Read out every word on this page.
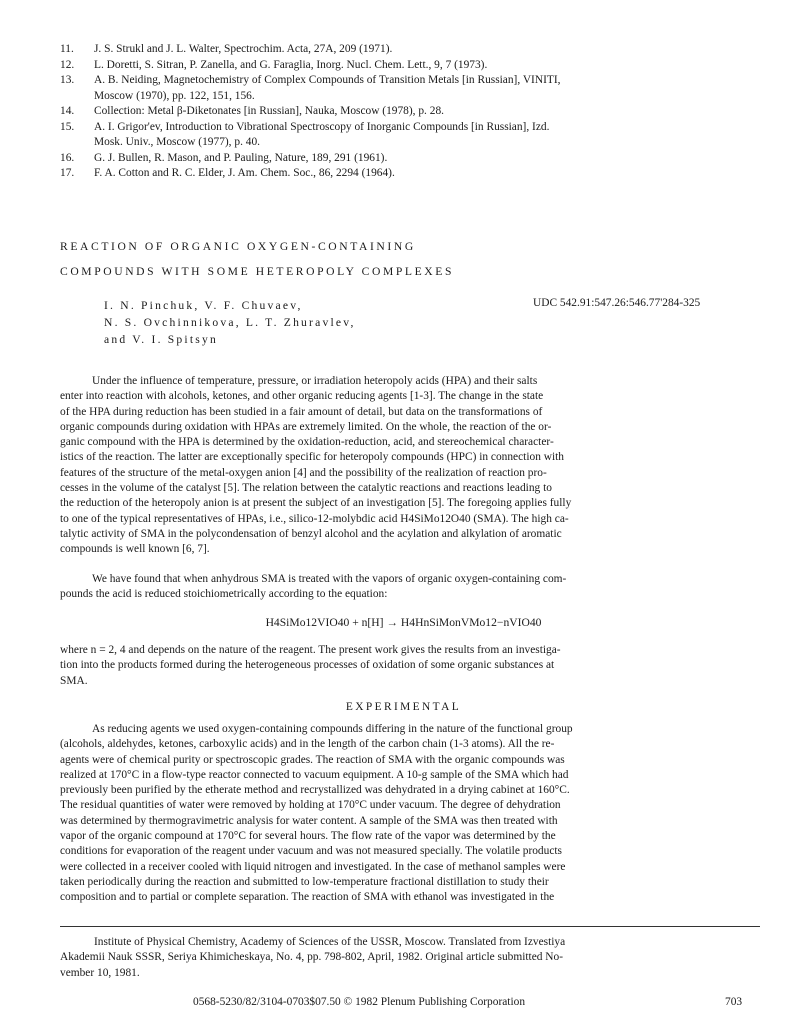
11.	J. S. Strukl and J. L. Walter, Spectrochim. Acta, 27A, 209 (1971).
12.	L. Doretti, S. Sitran, P. Zanella, and G. Faraglia, Inorg. Nucl. Chem. Lett., 9, 7 (1973).
13.	A. B. Neiding, Magnetochemistry of Complex Compounds of Transition Metals [in Russian], VINITI,
Moscow (1970), pp. 122, 151, 156.
14.	Collection: Metal β-Diketonates [in Russian], Nauka, Moscow (1978), p. 28.
15.	A. I. Grigor'ev, Introduction to Vibrational Spectroscopy of Inorganic Compounds [in Russian], Izd.
Mosk. Univ., Moscow (1977), p. 40.
16.	G. J. Bullen, R. Mason, and P. Pauling, Nature, 189, 291 (1961).
17.	F. A. Cotton and R. C. Elder, J. Am. Chem. Soc., 86, 2294 (1964).
REACTION OF ORGANIC OXYGEN-CONTAINING
COMPOUNDS WITH SOME HETEROPOLY COMPLEXES
I. N. Pinchuk, V. F. Chuvaev,
N. S. Ovchinnikova, L. T. Zhuravlev,
and V. I. Spitsyn
UDC 542.91:547.26:546.77'284-325
Under the influence of temperature, pressure, or irradiation heteropoly acids (HPA) and their salts
enter into reaction with alcohols, ketones, and other organic reducing agents [1-3]. The change in the state
of the HPA during reduction has been studied in a fair amount of detail, but data on the transformations of
organic compounds during oxidation with HPAs are extremely limited. On the whole, the reaction of the or-
ganic compound with the HPA is determined by the oxidation-reduction, acid, and stereochemical character-
istics of the reaction. The latter are exceptionally specific for heteropoly compounds (HPC) in connection with
features of the structure of the metal-oxygen anion [4] and the possibility of the realization of reaction pro-
cesses in the volume of the catalyst [5]. The relation between the catalytic reactions and reactions leading to
the reduction of the heteropoly anion is at present the subject of an investigation [5]. The foregoing applies fully
to one of the typical representatives of HPAs, i.e., silico-12-molybdic acid H4SiMo12O40 (SMA). The high ca-
talytic activity of SMA in the polycondensation of benzyl alcohol and the acylation and alkylation of aromatic
compounds is well known [6, 7].
We have found that when anhydrous SMA is treated with the vapors of organic oxygen-containing com-
pounds the acid is reduced stoichiometrically according to the equation:
H4SiMo12VIO40 + n[H] → H4HnSiMonVMo12−nVIO40
where n = 2, 4 and depends on the nature of the reagent. The present work gives the results from an investiga-
tion into the products formed during the heterogeneous processes of oxidation of some organic substances at
SMA.
EXPERIMENTAL
As reducing agents we used oxygen-containing compounds differing in the nature of the functional group
(alcohols, aldehydes, ketones, carboxylic acids) and in the length of the carbon chain (1-3 atoms). All the re-
agents were of chemical purity or spectroscopic grades. The reaction of SMA with the organic compounds was
realized at 170°C in a flow-type reactor connected to vacuum equipment. A 10-g sample of the SMA which had
previously been purified by the etherate method and recrystallized was dehydrated in a drying cabinet at 160°C.
The residual quantities of water were removed by holding at 170°C under vacuum. The degree of dehydration
was determined by thermogravimetric analysis for water content. A sample of the SMA was then treated with
vapor of the organic compound at 170°C for several hours. The flow rate of the vapor was determined by the
conditions for evaporation of the reagent under vacuum and was not measured specially. The volatile products
were collected in a receiver cooled with liquid nitrogen and investigated. In the case of methanol samples were
taken periodically during the reaction and submitted to low-temperature fractional distillation to study their
composition and to partial or complete separation. The reaction of SMA with ethanol was investigated in the
Institute of Physical Chemistry, Academy of Sciences of the USSR, Moscow. Translated from Izvestiya
Akademii Nauk SSSR, Seriya Khimicheskaya, No. 4, pp. 798-802, April, 1982. Original article submitted No-
vember 10, 1981.
0568-5230/82/3104-0703$07.50 © 1982 Plenum Publishing Corporation	703
